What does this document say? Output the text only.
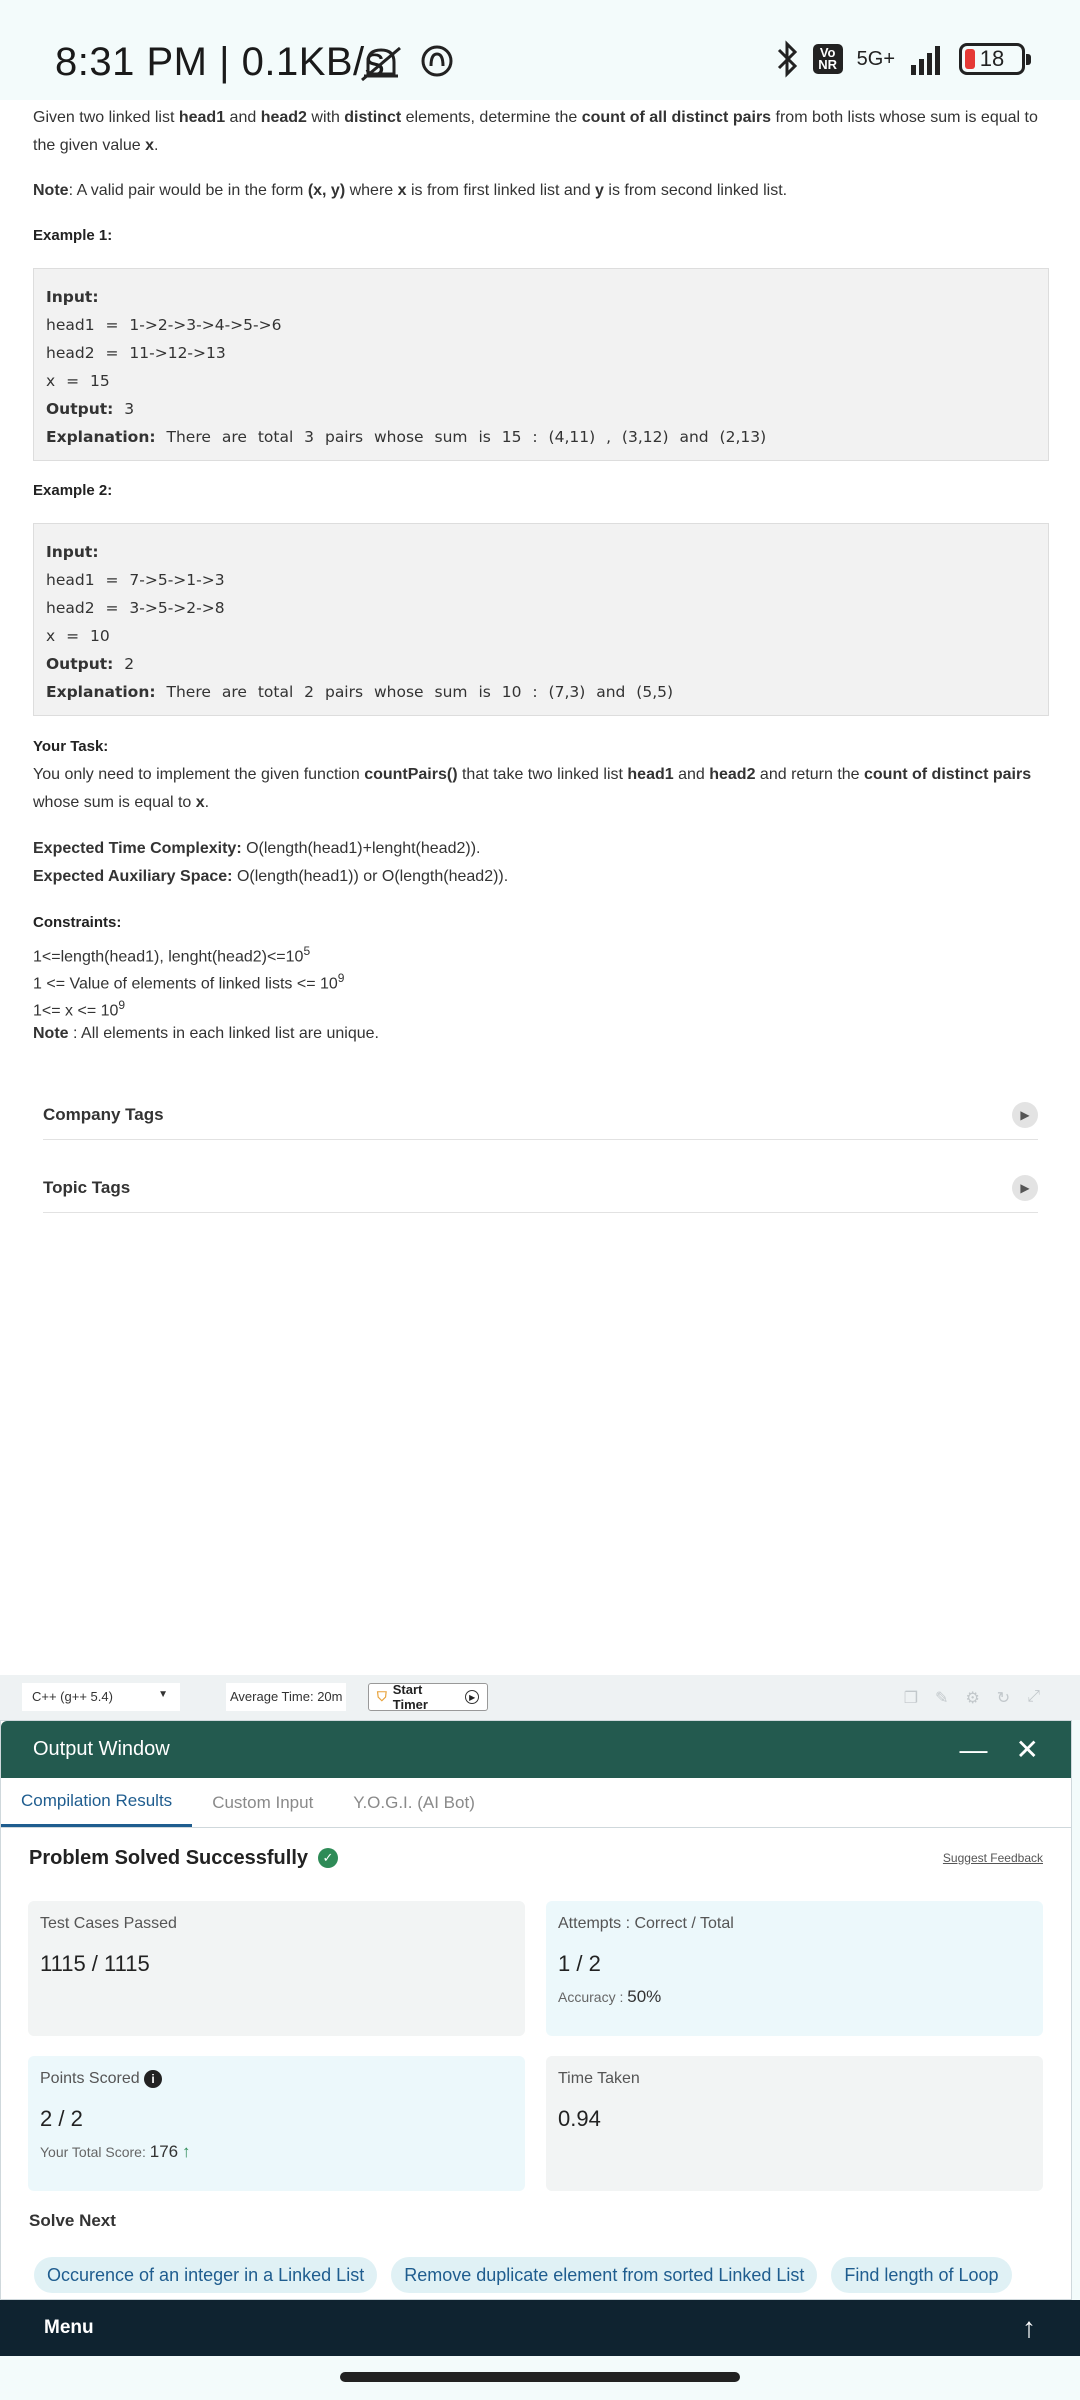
8:31 PM | 0.1KB/s	Vo
NR 5G+	18
Given two linked list head1 and head2 with distinct elements, determine the count of all distinct pairs from both lists whose sum is equal to the given value x.
Note: A valid pair would be in the form (x, y) where x is from first linked list and y is from second linked list.
Example 1:
Input:
head1 = 1->2->3->4->5->6
head2 = 11->12->13
x = 15
Output: 3
Explanation: There are total 3 pairs whose sum is 15 : (4,11) , (3,12) and (2,13)
Example 2:
Input:
head1 = 7->5->1->3
head2 = 3->5->2->8
x = 10
Output: 2
Explanation: There are total 2 pairs whose sum is 10 : (7,3) and (5,5)
Your Task:
You only need to implement the given function countPairs() that take two linked list head1 and head2 and return the count of distinct pairs whose sum is equal to x.
Expected Time Complexity: O(length(head1)+lenght(head2)).
Expected Auxiliary Space: O(length(head1)) or O(length(head2)).
Constraints:
1<=length(head1), $lenght(head2)<=10^5$
1 <= Value of elements of linked lists <= $10^9$
$1<= x <= 10^9$
Note : All elements in each linked list are unique.
Company Tags	▶
Topic Tags	▶
C++ (g++ 5.4)	▼	Average Time: 20m	⛉ Start Timer	▶	❐ ✎ ⚙ ↻ ⤢
Output Window	— ✕
Compilation Results	Custom Input	Y.O.G.I. (AI Bot)
Problem Solved Successfully	✓	Suggest Feedback
Test Cases Passed
1115 / 1115
Attempts : Correct / Total
1 / 2
Accuracy : 50%
Points Scored i
2 / 2
Your Total Score: 176 ↑
Time Taken
0.94
Solve Next
Occurence of an integer in a Linked List	Remove duplicate element from sorted Linked List	Find length of Loop
Menu	↑
